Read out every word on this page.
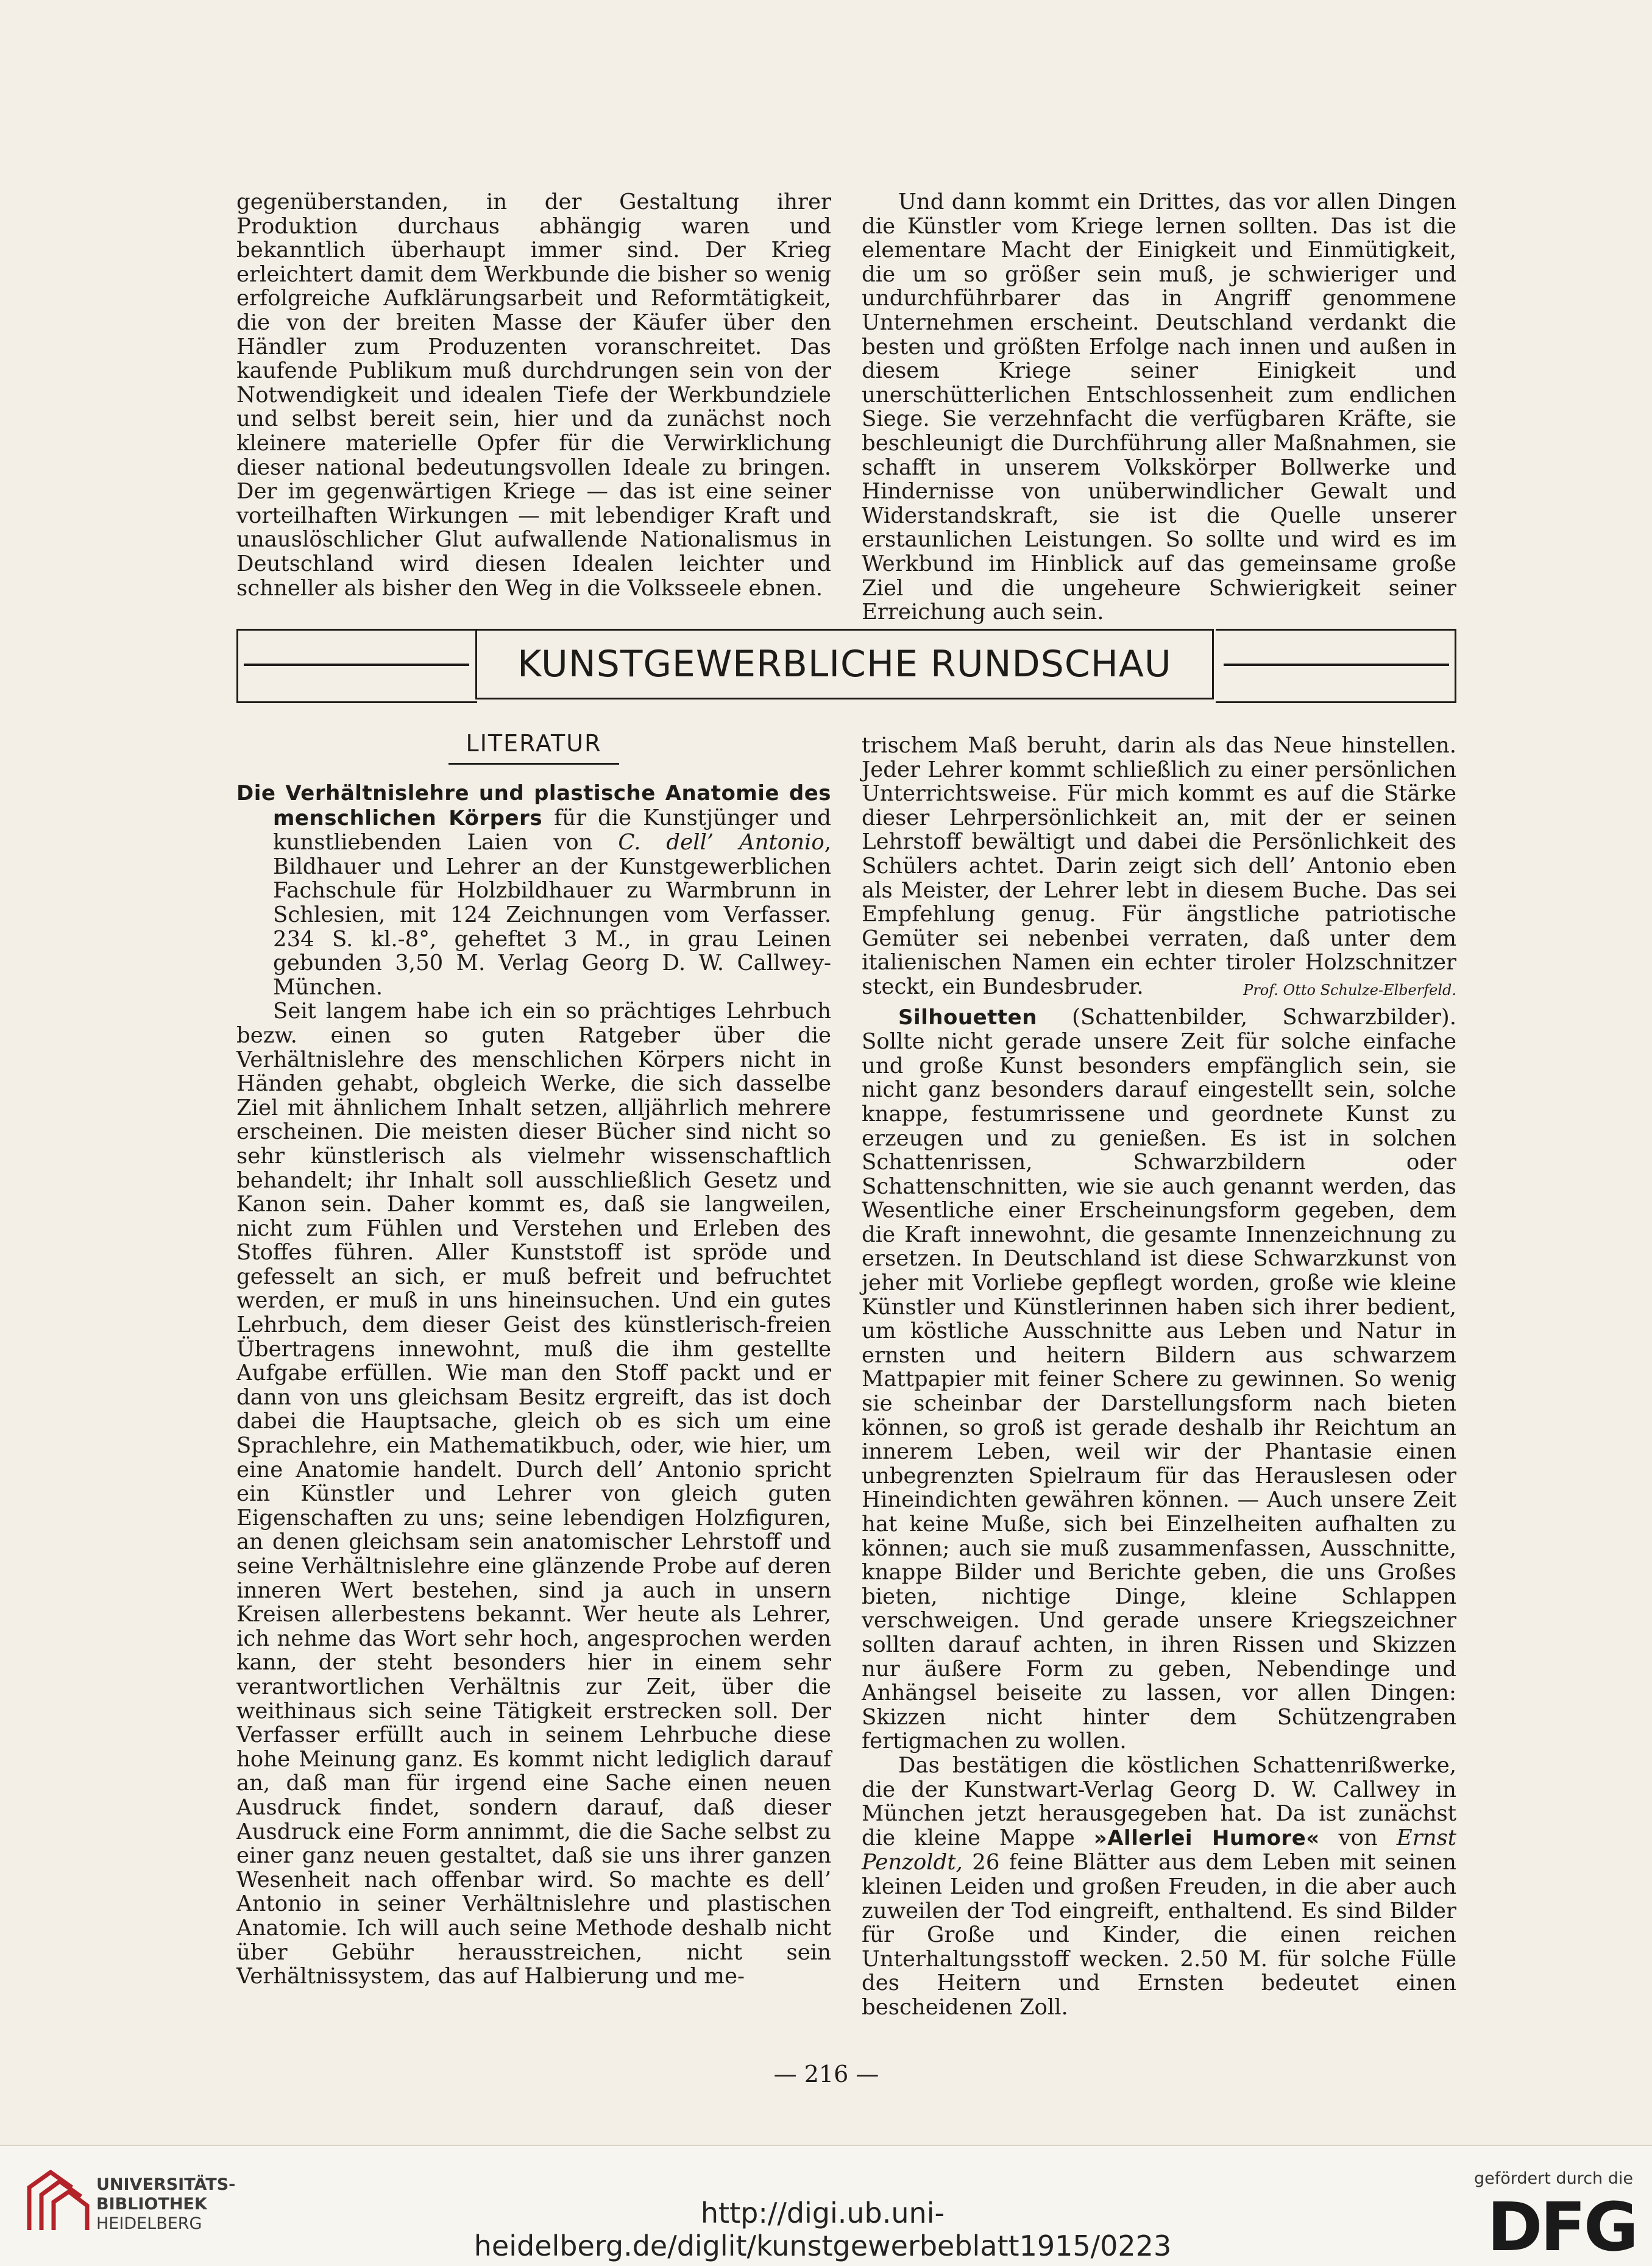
gegenüberstanden, in der Gestaltung ihrer Produktion durchaus abhängig waren und bekanntlich überhaupt immer sind. Der Krieg erleichtert damit dem Werkbunde die bisher so wenig erfolgreiche Aufklärungsarbeit und Reformtätigkeit, die von der breiten Masse der Käufer über den Händler zum Produzenten voranschreitet. Das kaufende Publikum muß durchdrungen sein von der Notwendigkeit und idealen Tiefe der Werkbundziele und selbst bereit sein, hier und da zunächst noch kleinere materielle Opfer für die Verwirklichung dieser national bedeutungsvollen Ideale zu bringen. Der im gegenwärtigen Kriege — das ist eine seiner vorteilhaften Wirkungen — mit lebendiger Kraft und unauslöschlicher Glut aufwallende Nationalismus in Deutschland wird diesen Idealen leichter und schneller als bisher den Weg in die Volksseele ebnen.

Und dann kommt ein Drittes, das vor allen Dingen die Künstler vom Kriege lernen sollten. Das ist die elementare Macht der Einigkeit und Einmütigkeit, die um so größer sein muß, je schwieriger und undurchführbarer das in Angriff genommene Unternehmen erscheint. Deutschland verdankt die besten und größten Erfolge nach innen und außen in diesem Kriege seiner Einigkeit und unerschütterlichen Entschlossenheit zum endlichen Siege. Sie verzehnfacht die verfügbaren Kräfte, sie beschleunigt die Durchführung aller Maßnahmen, sie schafft in unserem Volkskörper Bollwerke und Hindernisse von unüberwindlicher Gewalt und Widerstandskraft, sie ist die Quelle unserer erstaunlichen Leistungen. So sollte und wird es im Werkbund im Hinblick auf das gemeinsame große Ziel und die ungeheure Schwierigkeit seiner Erreichung auch sein.

KUNSTGEWERBLICHE RUNDSCHAU
LITERATUR

Die Verhältnislehre und plastische Anatomie des menschlichen Körpers für die Kunstjünger und kunstliebenden Laien von C. dell’ Antonio, Bildhauer und Lehrer an der Kunstgewerblichen Fachschule für Holzbildhauer zu Warmbrunn in Schlesien, mit 124 Zeichnungen vom Verfasser. 234 S. kl.-8°, geheftet 3 M., in grau Leinen gebunden 3,50 M. Verlag Georg D. W. Callwey-München.

Seit langem habe ich ein so prächtiges Lehrbuch bezw. einen so guten Ratgeber über die Verhältnislehre des menschlichen Körpers nicht in Händen gehabt, obgleich Werke, die sich dasselbe Ziel mit ähnlichem Inhalt setzen, alljährlich mehrere erscheinen. Die meisten dieser Bücher sind nicht so sehr künstlerisch als vielmehr wissenschaftlich behandelt; ihr Inhalt soll ausschließlich Gesetz und Kanon sein. Daher kommt es, daß sie langweilen, nicht zum Fühlen und Verstehen und Erleben des Stoffes führen. Aller Kunststoff ist spröde und gefesselt an sich, er muß befreit und befruchtet werden, er muß in uns hineinsuchen. Und ein gutes Lehrbuch, dem dieser Geist des künstlerisch-freien Übertragens innewohnt, muß die ihm gestellte Aufgabe erfüllen. Wie man den Stoff packt und er dann von uns gleichsam Besitz ergreift, das ist doch dabei die Hauptsache, gleich ob es sich um eine Sprachlehre, ein Mathematikbuch, oder, wie hier, um eine Anatomie handelt. Durch dell’ Antonio spricht ein Künstler und Lehrer von gleich guten Eigenschaften zu uns; seine lebendigen Holzfiguren, an denen gleichsam sein anatomischer Lehrstoff und seine Verhältnislehre eine glänzende Probe auf deren inneren Wert bestehen, sind ja auch in unsern Kreisen allerbestens bekannt. Wer heute als Lehrer, ich nehme das Wort sehr hoch, angesprochen werden kann, der steht besonders hier in einem sehr verantwortlichen Verhältnis zur Zeit, über die weithinaus sich seine Tätigkeit erstrecken soll. Der Verfasser erfüllt auch in seinem Lehrbuche diese hohe Meinung ganz. Es kommt nicht lediglich darauf an, daß man für irgend eine Sache einen neuen Ausdruck findet, sondern darauf, daß dieser Ausdruck eine Form annimmt, die die Sache selbst zu einer ganz neuen gestaltet, daß sie uns ihrer ganzen Wesenheit nach offenbar wird. So machte es dell’ Antonio in seiner Verhältnislehre und plastischen Anatomie. Ich will auch seine Methode deshalb nicht über Gebühr herausstreichen, nicht sein Verhältnissystem, das auf Halbierung und me-

trischem Maß beruht, darin als das Neue hinstellen. Jeder Lehrer kommt schließlich zu einer persönlichen Unterrichtsweise. Für mich kommt es auf die Stärke dieser Lehrpersönlichkeit an, mit der er seinen Lehrstoff bewältigt und dabei die Persönlichkeit des Schülers achtet. Darin zeigt sich dell’ Antonio eben als Meister, der Lehrer lebt in diesem Buche. Das sei Empfehlung genug. Für ängstliche patriotische Gemüter sei nebenbei verraten, daß unter dem italienischen Namen ein echter tiroler Holzschnitzer steckt, ein Bundesbruder.	Prof. Otto Schulze-Elberfeld.

Silhouetten (Schattenbilder, Schwarzbilder). Sollte nicht gerade unsere Zeit für solche einfache und große Kunst besonders empfänglich sein, sie nicht ganz besonders darauf eingestellt sein, solche knappe, festumrissene und geordnete Kunst zu erzeugen und zu genießen. Es ist in solchen Schattenrissen, Schwarzbildern oder Schattenschnitten, wie sie auch genannt werden, das Wesentliche einer Erscheinungsform gegeben, dem die Kraft innewohnt, die gesamte Innenzeichnung zu ersetzen. In Deutschland ist diese Schwarzkunst von jeher mit Vorliebe gepflegt worden, große wie kleine Künstler und Künstlerinnen haben sich ihrer bedient, um köstliche Ausschnitte aus Leben und Natur in ernsten und heitern Bildern aus schwarzem Mattpapier mit feiner Schere zu gewinnen. So wenig sie scheinbar der Darstellungsform nach bieten können, so groß ist gerade deshalb ihr Reichtum an innerem Leben, weil wir der Phantasie einen unbegrenzten Spielraum für das Herauslesen oder Hineindichten gewähren können. — Auch unsere Zeit hat keine Muße, sich bei Einzelheiten aufhalten zu können; auch sie muß zusammenfassen, Ausschnitte, knappe Bilder und Berichte geben, die uns Großes bieten, nichtige Dinge, kleine Schlappen verschweigen. Und gerade unsere Kriegszeichner sollten darauf achten, in ihren Rissen und Skizzen nur äußere Form zu geben, Nebendinge und Anhängsel beiseite zu lassen, vor allen Dingen: Skizzen nicht hinter dem Schützengraben fertigmachen zu wollen.

Das bestätigen die köstlichen Schattenrißwerke, die der Kunstwart-Verlag Georg D. W. Callwey in München jetzt herausgegeben hat. Da ist zunächst die kleine Mappe »Allerlei Humore« von Ernst Penzoldt, 26 feine Blätter aus dem Leben mit seinen kleinen Leiden und großen Freuden, in die aber auch zuweilen der Tod eingreift, enthaltend. Es sind Bilder für Große und Kinder, die einen reichen Unterhaltungsstoff wecken. 2.50 M. für solche Fülle des Heitern und Ernsten bedeutet einen bescheidenen Zoll.

— 216 —
UNIVERSITÄTS-
BIBLIOTHEK
HEIDELBERG	http://digi.ub.uni-heidelberg.de/diglit/kunstgewerbeblatt1915/0223
gefördert durch die
DFG
